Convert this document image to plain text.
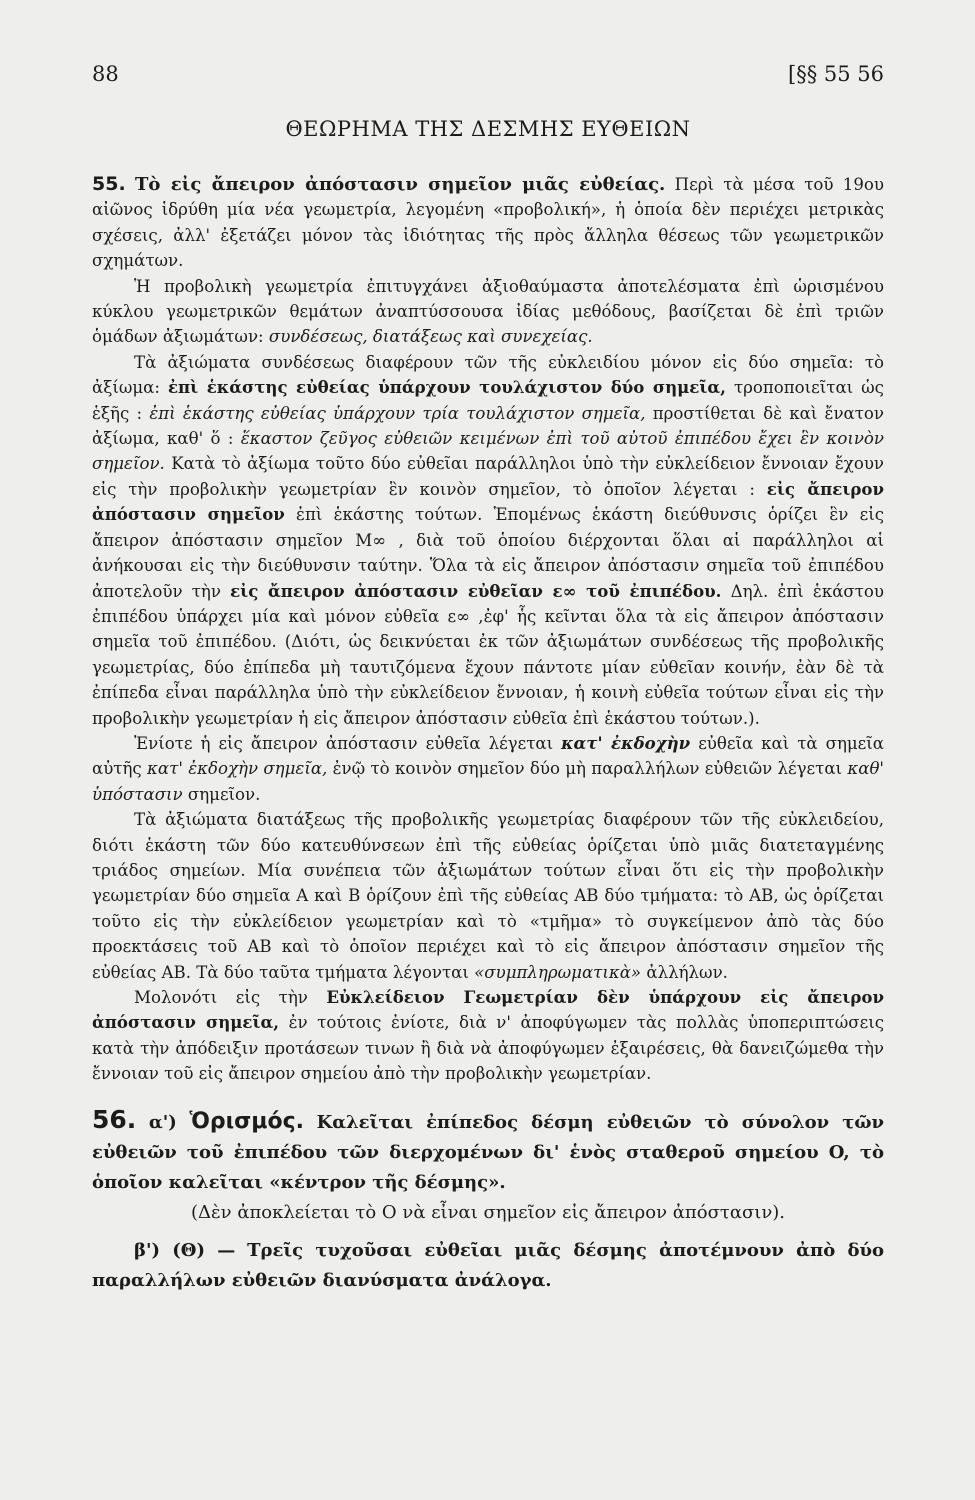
88	[§§ 55 56
ΘΕΩΡΗΜΑ ΤΗΣ ΔΕΣΜΗΣ ΕΥΘΕΙΩΝ

55. Τὸ εἰς ἄπειρον ἀπόστασιν σημεῖον μιᾶς εὐθείας. Περὶ τὰ μέσα τοῦ 19ου αἰῶνος ἱδρύθη μία νέα γεωμετρία, λεγομένη «προβολική», ἡ ὁποία δὲν περιέχει μετρικὰς σχέσεις, ἀλλ' ἐξετάζει μόνον τὰς ἰδιότητας τῆς πρὸς ἄλληλα θέσεως τῶν γεωμετρικῶν σχημάτων.

Ἡ προβολικὴ γεωμετρία ἐπιτυγχάνει ἀξιοθαύμαστα ἀποτελέσματα ἐπὶ ὡρισμένου κύκλου γεωμετρικῶν θεμάτων ἀναπτύσσουσα ἰδίας μεθόδους, βασίζεται δὲ ἐπὶ τριῶν ὁμάδων ἀξιωμάτων: συνδέσεως, διατάξεως καὶ συνεχείας.

Τὰ ἀξιώματα συνδέσεως διαφέρουν τῶν τῆς εὐκλειδίου μόνον εἰς δύο σημεῖα: τὸ ἀξίωμα: ἐπὶ ἑκάστης εὐθείας ὑπάρχουν τουλάχιστον δύο σημεῖα, τροποποιεῖται ὡς ἑξῆς : ἐπὶ ἑκάστης εὐθείας ὑπάρχουν τρία τουλάχιστον σημεῖα, προστίθεται δὲ καὶ ἔνατον ἀξίωμα, καθ' ὅ : ἕκαστον ζεῦγος εὐθειῶν κειμένων ἐπὶ τοῦ αὐτοῦ ἐπιπέδου ἔχει ἓν κοινὸν σημεῖον. Κατὰ τὸ ἀξίωμα τοῦτο δύο εὐθεῖαι παράλληλοι ὑπὸ τὴν εὐκλείδειον ἔννοιαν ἔχουν εἰς τὴν προβολικὴν γεωμετρίαν ἓν κοινὸν σημεῖον, τὸ ὁποῖον λέγεται : εἰς ἄπειρον ἀπόστασιν σημεῖον ἐπὶ ἑκάστης τούτων. Ἑπομένως ἑκάστη διεύθυνσις ὁρίζει ἓν εἰς ἄπειρον ἀπόστασιν σημεῖον M∞ , διὰ τοῦ ὁποίου διέρχονται ὅλαι αἱ παράλληλοι αἱ ἀνήκουσαι εἰς τὴν διεύθυνσιν ταύτην. Ὅλα τὰ εἰς ἄπειρον ἀπόστασιν σημεῖα τοῦ ἐπιπέδου ἀποτελοῦν τὴν εἰς ἄπειρον ἀπόστασιν εὐθεῖαν ε∞ τοῦ ἐπιπέδου. Δηλ. ἐπὶ ἑκάστου ἐπιπέδου ὑπάρχει μία καὶ μόνον εὐθεῖα ε∞ ,ἐφ' ἧς κεῖνται ὅλα τὰ εἰς ἄπειρον ἀπόστασιν σημεῖα τοῦ ἐπιπέδου. (Διότι, ὡς δεικνύεται ἐκ τῶν ἀξιωμάτων συνδέσεως τῆς προβολικῆς γεωμετρίας, δύο ἐπίπεδα μὴ ταυτιζόμενα ἔχουν πάντοτε μίαν εὐθεῖαν κοινήν, ἐὰν δὲ τὰ ἐπίπεδα εἶναι παράλληλα ὑπὸ τὴν εὐκλείδειον ἔννοιαν, ἡ κοινὴ εὐθεῖα τούτων εἶναι εἰς τὴν προβολικὴν γεωμετρίαν ἡ εἰς ἄπειρον ἀπόστασιν εὐθεῖα ἐπὶ ἑκάστου τούτων.).

Ἐνίοτε ἡ εἰς ἄπειρον ἀπόστασιν εὐθεῖα λέγεται κατ' ἐκδοχὴν εὐθεῖα καὶ τὰ σημεῖα αὐτῆς κατ' ἐκδοχὴν σημεῖα, ἐνῷ τὸ κοινὸν σημεῖον δύο μὴ παραλλήλων εὐθειῶν λέγεται καθ' ὑπόστασιν σημεῖον.

Τὰ ἀξιώματα διατάξεως τῆς προβολικῆς γεωμετρίας διαφέρουν τῶν τῆς εὐκλειδείου, διότι ἑκάστη τῶν δύο κατευθύνσεων ἐπὶ τῆς εὐθείας ὁρίζεται ὑπὸ μιᾶς διατεταγμένης τριάδος σημείων. Μία συνέπεια τῶν ἀξιωμάτων τούτων εἶναι ὅτι εἰς τὴν προβολικὴν γεωμετρίαν δύο σημεῖα A καὶ B ὁρίζουν ἐπὶ τῆς εὐθείας AB δύο τμήματα: τὸ AB, ὡς ὁρίζεται τοῦτο εἰς τὴν εὐκλείδειον γεωμετρίαν καὶ τὸ «τμῆμα» τὸ συγκείμενον ἀπὸ τὰς δύο προεκτάσεις τοῦ AB καὶ τὸ ὁποῖον περιέχει καὶ τὸ εἰς ἄπειρον ἀπόστασιν σημεῖον τῆς εὐθείας AB. Τὰ δύο ταῦτα τμήματα λέγονται «συμπληρωματικὰ» ἀλλήλων.

Μολονότι εἰς τὴν Εὐκλείδειον Γεωμετρίαν δὲν ὑπάρχουν εἰς ἄπειρον ἀπόστασιν σημεῖα, ἐν τούτοις ἐνίοτε, διὰ ν' ἀποφύγωμεν τὰς πολλὰς ὑποπεριπτώσεις κατὰ τὴν ἀπόδειξιν προτάσεων τινων ἢ διὰ νὰ ἀποφύγωμεν ἐξαιρέσεις, θὰ δανειζώμεθα τὴν ἔννοιαν τοῦ εἰς ἄπειρον σημείου ἀπὸ τὴν προβολικὴν γεωμετρίαν.

56. α') Ὁρισμός. Καλεῖται ἐπίπεδος δέσμη εὐθειῶν τὸ σύνολον τῶν εὐθειῶν τοῦ ἐπιπέδου τῶν διερχομένων δι' ἑνὸς σταθεροῦ σημείου O, τὸ ὁποῖον καλεῖται «κέντρον τῆς δέσμης».

(Δὲν ἀποκλείεται τὸ O νὰ εἶναι σημεῖον εἰς ἄπειρον ἀπόστασιν).

β') (Θ) — Τρεῖς τυχοῦσαι εὐθεῖαι μιᾶς δέσμης ἀποτέμνουν ἀπὸ δύο παραλλήλων εὐθειῶν διανύσματα ἀνάλογα.
